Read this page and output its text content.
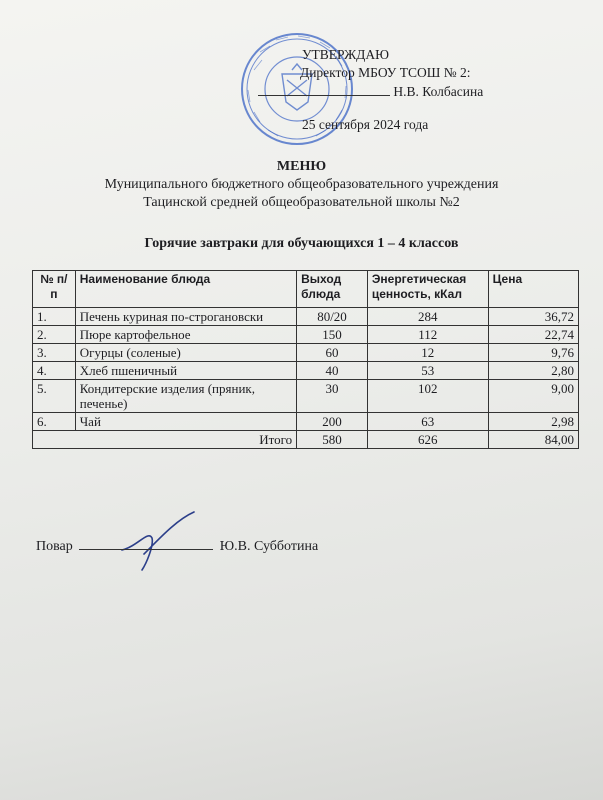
УТВЕРЖДАЮ
Директор МБОУ ТСОШ № 2:
Н.В. Колбасина
25 сентября 2024 года
МЕНЮ
Муниципального бюджетного общеобразовательного учреждения
Тацинской средней общеобразовательной школы №2
Горячие завтраки для обучающихся 1 – 4 классов
№ п/п	Наименование блюда	Выход блюда	Энергетическая ценность, кКал	Цена
1.	Печень куриная по-строгановски	80/20	284	36,72
2.	Пюре картофельное	150	112	22,74
3.	Огурцы (соленые)	60	12	9,76
4.	Хлеб пшеничный	40	53	2,80
5.	Кондитерские изделия (пряник, печенье)	30	102	9,00
6.	Чай	200	63	2,98
Итого		580	626	84,00
Повар	Ю.В. Субботина
